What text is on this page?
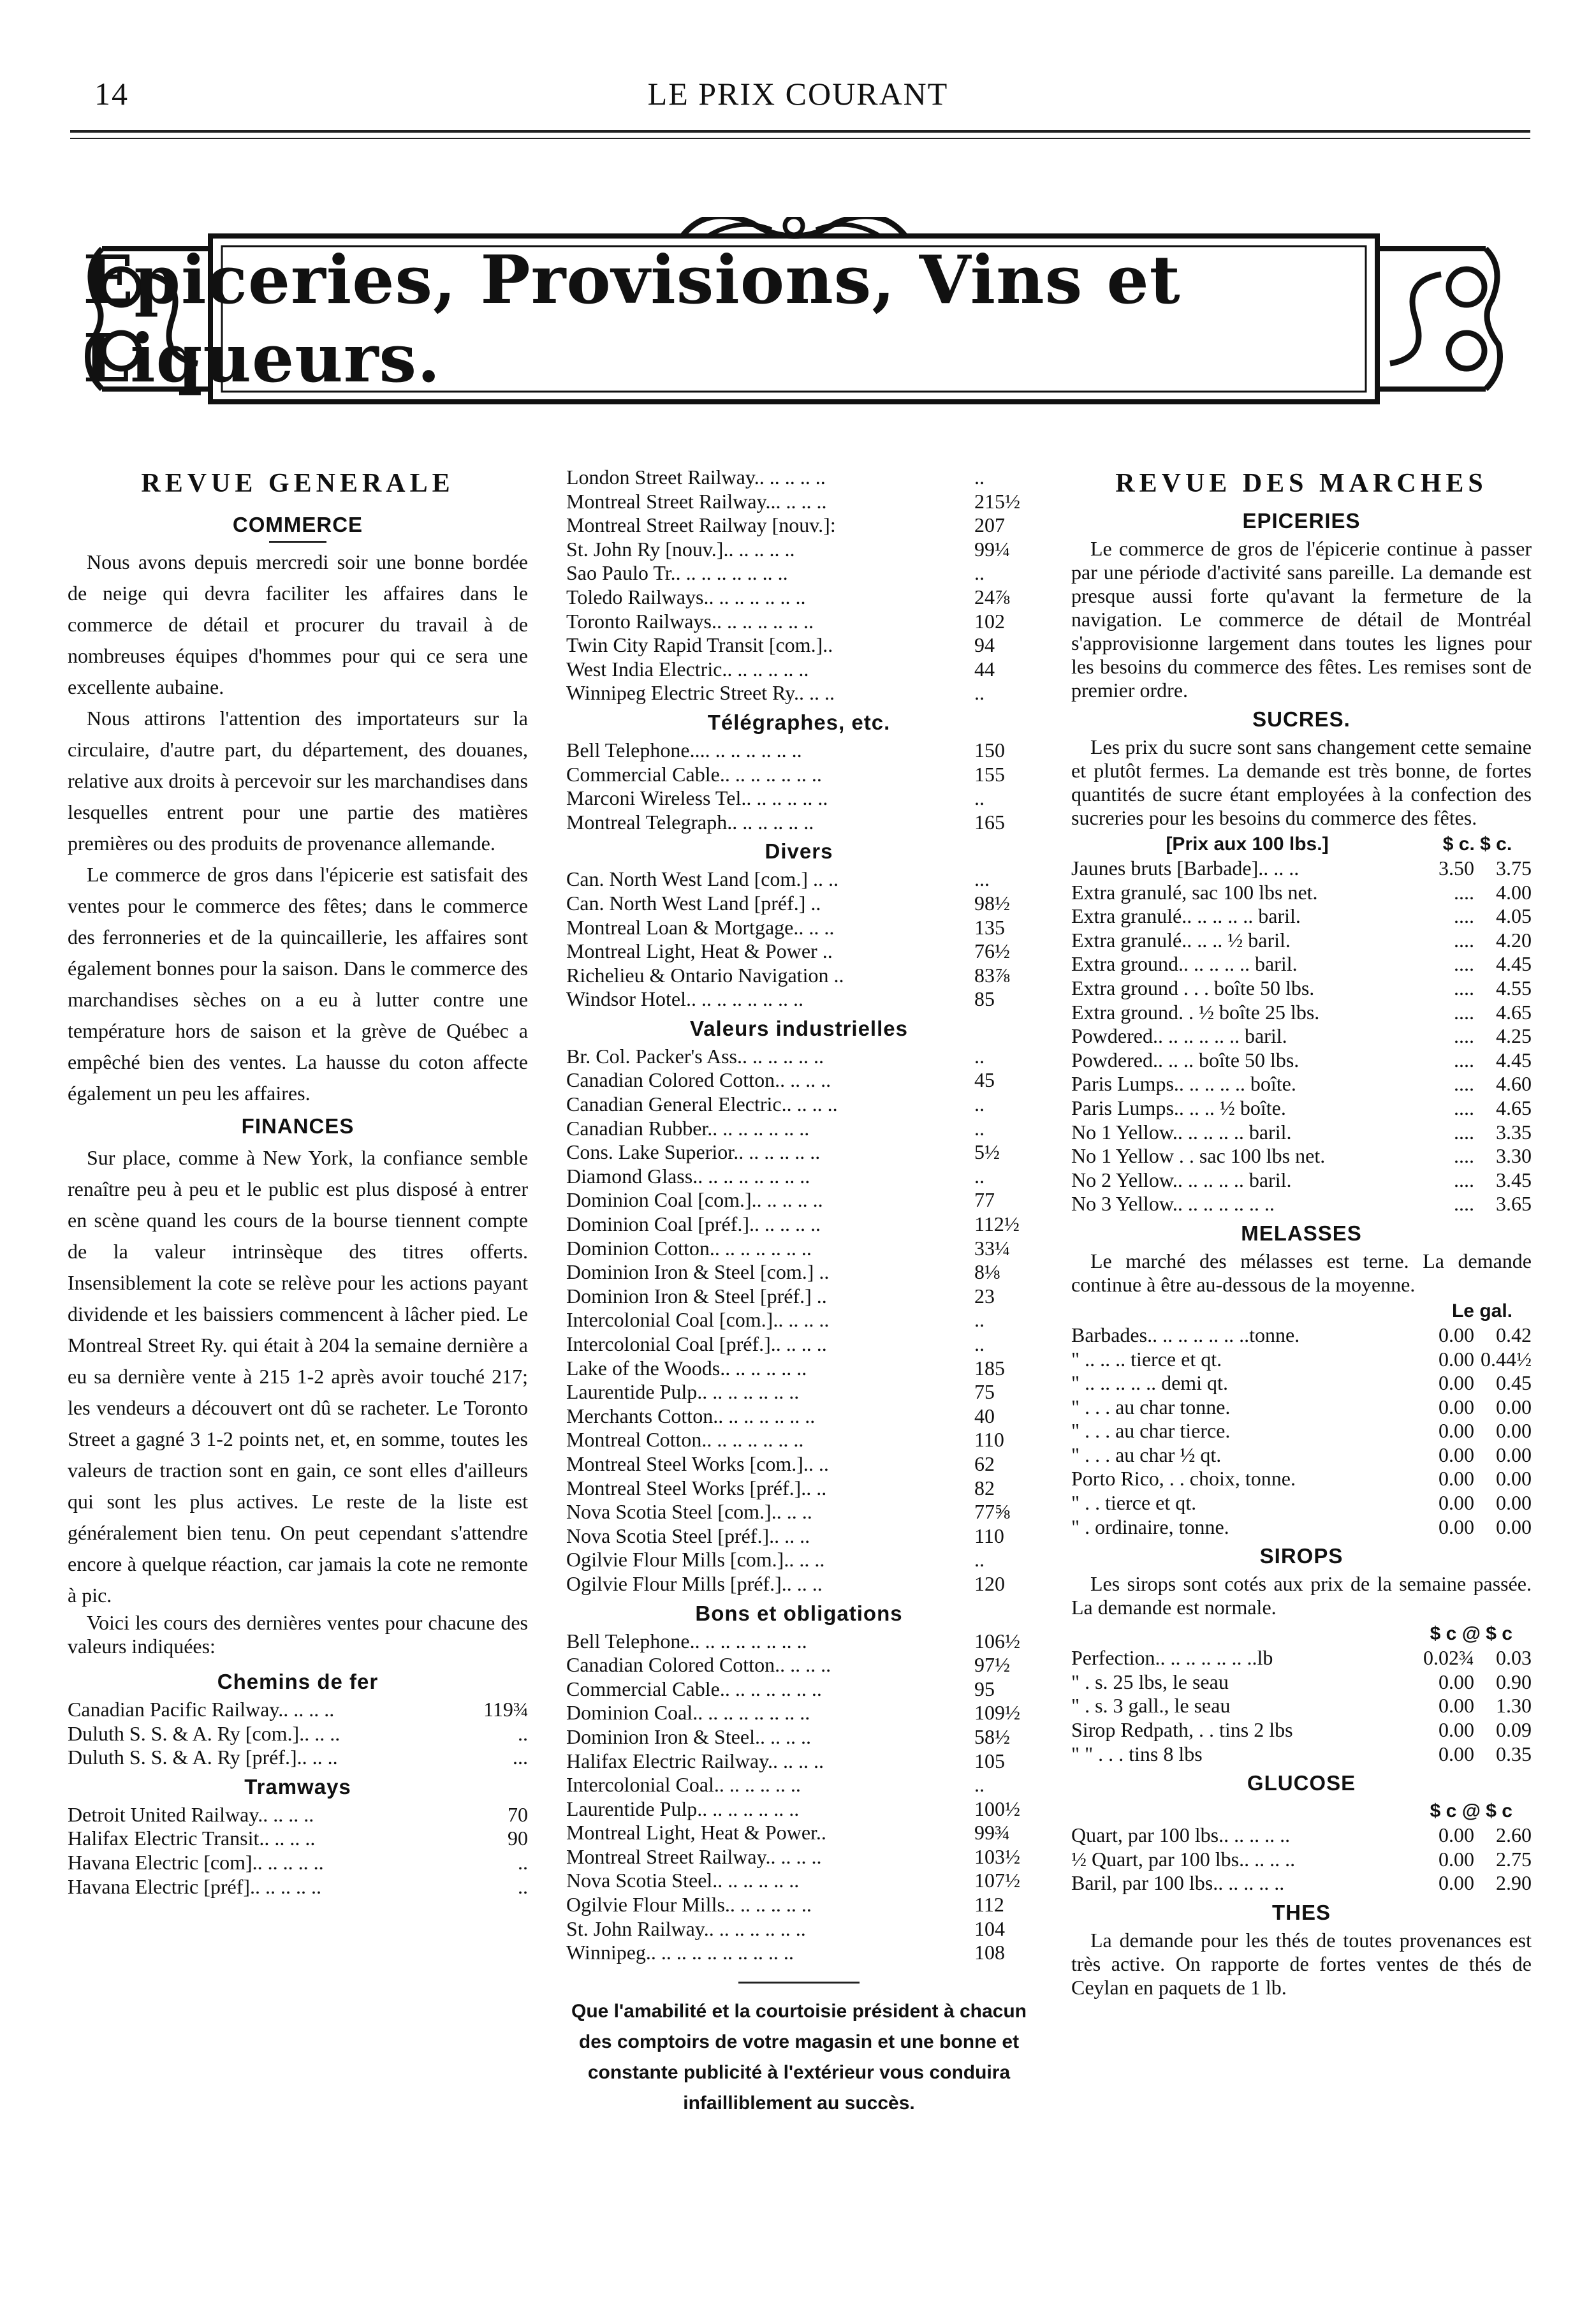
14	LE PRIX COURANT
Epiceries, Provisions, Vins et Liqueurs.
REVUE GENERALE
COMMERCE

Nous avons depuis mercredi soir une bonne bordée de neige qui devra faciliter les affaires dans le commerce de détail et procurer du travail à de nombreuses équipes d'hommes pour qui ce sera une excellente aubaine.

Nous attirons l'attention des importateurs sur la circulaire, d'autre part, du département, des douanes, relative aux droits à percevoir sur les marchandises dans lesquelles entrent pour une partie des matières premières ou des produits de provenance allemande.

Le commerce de gros dans l'épicerie est satisfait des ventes pour le commerce des fêtes; dans le commerce des ferronneries et de la quincaillerie, les affaires sont également bonnes pour la saison. Dans le commerce des marchandises sèches on a eu à lutter contre une température hors de saison et la grève de Québec a empêché bien des ventes. La hausse du coton affecte également un peu les affaires.

FINANCES

Sur place, comme à New York, la confiance semble renaître peu à peu et le public est plus disposé à entrer en scène quand les cours de la bourse tiennent compte de la valeur intrinsèque des titres offerts. Insensiblement la cote se relève pour les actions payant dividende et les baissiers commencent à lâcher pied. Le Montreal Street Ry. qui était à 204 la semaine dernière a eu sa dernière vente à 215 1-2 après avoir touché 217; les vendeurs a découvert ont dû se racheter. Le Toronto Street a gagné 3 1-2 points net, et, en somme, toutes les valeurs de traction sont en gain, ce sont elles d'ailleurs qui sont les plus actives. Le reste de la liste est généralement bien tenu. On peut cependant s'attendre encore à quelque réaction, car jamais la cote ne remonte à pic.

Voici les cours des dernières ventes pour chacune des valeurs indiquées:

Chemins de fer
Canadian Pacific Railway.. .. .. ..	119¾
Duluth S. S. & A. Ry [com.].. .. ..	..
Duluth S. S. & A. Ry [préf.].. .. ..	...
Tramways
Detroit United Railway.. .. .. ..	70
Halifax Electric Transit.. .. .. ..	90
Havana Electric [com].. .. .. .. ..	..
Havana Electric [préf].. .. .. .. ..	..
London Street Railway.. .. .. .. ..	..
Montreal Street Railway... .. .. ..	215½
Montreal Street Railway [nouv.]:	207
St. John Ry [nouv.].. .. .. .. ..	99¼
Sao Paulo Tr.. .. .. .. .. .. .. ..	..
Toledo Railways.. .. .. .. .. .. ..	24⅞
Toronto Railways.. .. .. .. .. .. ..	102
Twin City Rapid Transit [com.]..	94
West India Electric.. .. .. .. .. ..	44
Winnipeg Electric Street Ry.. .. ..	..
Télégraphes, etc.
Bell Telephone.... .. .. .. .. .. ..	150
Commercial Cable.. .. .. .. .. .. ..	155
Marconi Wireless Tel.. .. .. .. .. ..	..
Montreal Telegraph.. .. .. .. .. ..	165
Divers
Can. North West Land [com.] .. ..	...
Can. North West Land [préf.] ..	98½
Montreal Loan & Mortgage.. .. ..	135
Montreal Light, Heat & Power ..	76½
Richelieu & Ontario Navigation ..	83⅞
Windsor Hotel.. .. .. .. .. .. .. ..	85
Valeurs industrielles
Br. Col. Packer's Ass.. .. .. .. .. ..	..
Canadian Colored Cotton.. .. .. ..	45
Canadian General Electric.. .. .. ..	..
Canadian Rubber.. .. .. .. .. .. ..	..
Cons. Lake Superior.. .. .. .. .. ..	5½
Diamond Glass.. .. .. .. .. .. .. ..	..
Dominion Coal [com.].. .. .. .. ..	77
Dominion Coal [préf.].. .. .. .. ..	112½
Dominion Cotton.. .. .. .. .. .. ..	33¼
Dominion Iron & Steel [com.] ..	8⅛
Dominion Iron & Steel [préf.] ..	23
Intercolonial Coal [com.].. .. .. ..	..
Intercolonial Coal [préf.].. .. .. ..	..
Lake of the Woods.. .. .. .. .. ..	185
Laurentide Pulp.. .. .. .. .. .. ..	75
Merchants Cotton.. .. .. .. .. .. ..	40
Montreal Cotton.. .. .. .. .. .. ..	110
Montreal Steel Works [com.].. ..	62
Montreal Steel Works [préf.].. ..	82
Nova Scotia Steel [com.].. .. ..	77⅝
Nova Scotia Steel [préf.].. .. ..	110
Ogilvie Flour Mills [com.].. .. ..	..
Ogilvie Flour Mills [préf.].. .. ..	120
Bons et obligations
Bell Telephone.. .. .. .. .. .. .. ..	106½
Canadian Colored Cotton.. .. .. ..	97½
Commercial Cable.. .. .. .. .. .. ..	95
Dominion Coal.. .. .. .. .. .. .. ..	109½
Dominion Iron & Steel.. .. .. ..	58½
Halifax Electric Railway.. .. .. ..	105
Intercolonial Coal.. .. .. .. .. ..	..
Laurentide Pulp.. .. .. .. .. .. ..	100½
Montreal Light, Heat & Power..	99¾
Montreal Street Railway.. .. .. ..	103½
Nova Scotia Steel.. .. .. .. .. ..	107½
Ogilvie Flour Mills.. .. .. .. .. ..	112
St. John Railway.. .. .. .. .. .. ..	104
Winnipeg.. .. .. .. .. .. .. .. .. ..	108
Que l'amabilité et la courtoisie président à chacun des comptoirs de votre magasin et une bonne et constante publicité à l'extérieur vous conduira infailliblement au succès.
REVUE DES MARCHES
EPICERIES

Le commerce de gros de l'épicerie continue à passer par une période d'activité sans pareille. La demande est presque aussi forte qu'avant la fermeture de la navigation. Le commerce de détail de Montréal s'approvisionne largement dans toutes les lignes pour les besoins du commerce des fêtes. Les remises sont de premier ordre.

SUCRES.

Les prix du sucre sont sans changement cette semaine et plutôt fermes. La demande est très bonne, de fortes quantités de sucre étant employées à la confection des sucreries pour les besoins du commerce des fêtes.

[Prix aux 100 lbs.]	$ c. $ c.
Jaunes bruts [Barbade].. .. ..	3.50	3.75
Extra granulé, sac 100 lbs net.	....	4.00
Extra granulé.. .. .. .. .. baril.	....	4.05
Extra granulé.. .. .. ½ baril.	....	4.20
Extra ground.. .. .. .. .. baril.	....	4.45
Extra ground . . . boîte 50 lbs.	....	4.55
Extra ground. . ½ boîte 25 lbs.	....	4.65
Powdered.. .. .. .. .. .. baril.	....	4.25
Powdered.. .. .. boîte 50 lbs.	....	4.45
Paris Lumps.. .. .. .. .. boîte.	....	4.60
Paris Lumps.. .. .. ½ boîte.	....	4.65
No 1 Yellow.. .. .. .. .. baril.	....	3.35
No 1 Yellow . . sac 100 lbs net.	....	3.30
No 2 Yellow.. .. .. .. .. baril.	....	3.45
No 3 Yellow.. .. .. .. .. .. ..	....	3.65
MELASSES

Le marché des mélasses est terne. La demande continue à être au-dessous de la moyenne.

Le gal.
Barbades.. .. .. .. .. .. ..tonne.	0.00	0.42
" .. .. .. tierce et qt.	0.00 0.44½
" .. .. .. .. .. demi qt.	0.00	0.45
" . . . au char tonne.	0.00	0.00
" . . . au char tierce.	0.00	0.00
" . . . au char ½ qt.	0.00	0.00
Porto Rico, . . choix, tonne.	0.00	0.00
" . . tierce et qt.	0.00	0.00
" . ordinaire, tonne.	0.00	0.00
SIROPS

Les sirops sont cotés aux prix de la semaine passée. La demande est normale.

$ c @ $ c
Perfection.. .. .. .. .. .. ..lb	0.02¾	0.03
" . s. 25 lbs, le seau	0.00	0.90
" . s. 3 gall., le seau	0.00	1.30
Sirop Redpath, . . tins 2 lbs	0.00	0.09
" " . . . tins 8 lbs	0.00	0.35
GLUCOSE
$ c @ $ c
Quart, par 100 lbs.. .. .. .. ..	0.00	2.60
½ Quart, par 100 lbs.. .. .. ..	0.00	2.75
Baril, par 100 lbs.. .. .. .. ..	0.00	2.90
THES

La demande pour les thés de toutes provenances est très active. On rapporte de fortes ventes de thés de Ceylan en paquets de 1 lb.
